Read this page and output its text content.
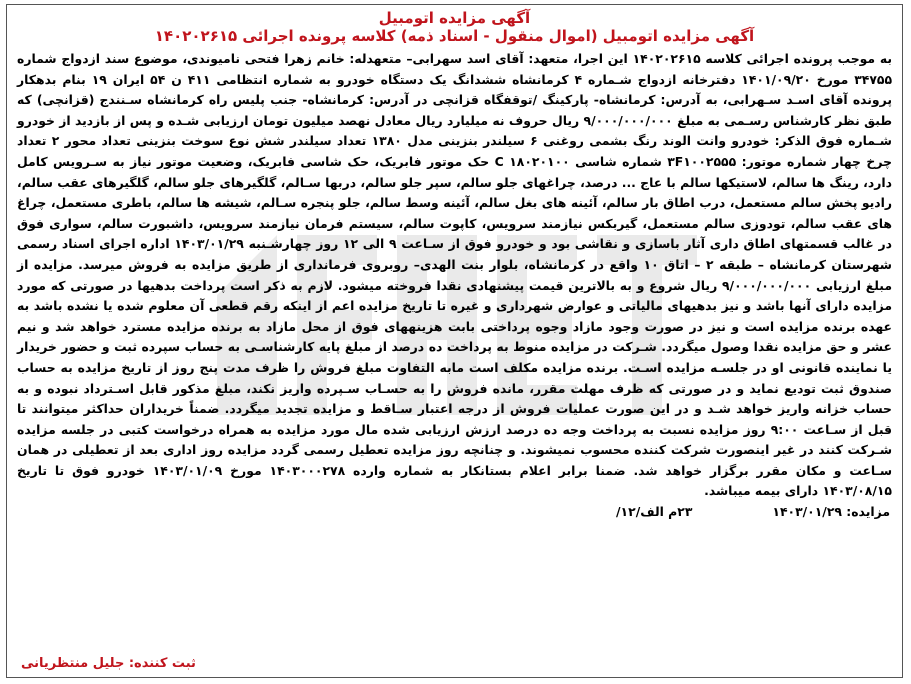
آگهی مزایده اتومبیل

آگهی مزایده اتومبیل (اموال منقول - اسناد ذمه) کلاسه پرونده اجرائی ۱۴۰۲۰۲۶۱۵

به موجب پرونده اجرائی کلاسه ۱۴۰۲۰۲۶۱۵ این اجرا، متعهد: آقای اسد سهرابی– متعهدله: خانم زهرا فتحی نامیوندی، موضوع سند ازدواج شماره ۳۴۷۵۵ مورخ ۱۴۰۱/۰۹/۲۰ دفترخانه ازدواج شـماره ۴ کرمانشاه ششدانگ یک دستگاه خودرو به شماره انتظامی ۴۱۱ ن ۵۴ ایران ۱۹ بنام بدهکار پرونده آقای اسـد سـهرابی، به آدرس: کرمانشاه- پارکینگ /توقفگاه قزانچی در آدرس: کرمانشاه- جنب پلیس راه کرمانشاه سـنندج (قزانچی) که طبق نظر کارشناس رسـمی به مبلغ ۹/۰۰۰/۰۰۰/۰۰۰ ریال حروف نه میلیارد ریال معادل نهصد میلیون تومان ارزیابی شـده و پس از بازدید از خودرو شـماره فوق الذکر: خودرو وانت الوند رنگ بشمی روغنی ۶ سیلندر بنزینی مدل ۱۳۸۰ تعداد سیلندر شش نوع سوخت بنزینی تعداد محور ۲ تعداد چرخ چهار شماره موتور: ۳F۱۰۰۲۵۵۵ شماره شاسی C ۱۸۰۲۰۱۰۰ حک موتور فابریک، حک شاسی فابریک، وضعیت موتور نیاز به سـرویس کامل دارد، رینگ ها سالم، لاستیکها سالم با عاج ... درصد، چراغهای جلو سالم، سپر جلو سالم، دربها سـالم، گلگیرهای جلو سالم، گلگیرهای عقب سالم، رادیو پخش سالم مستعمل، درب اطاق بار سالم، آئینه های بغل سالم، آئینه وسط سالم، جلو پنجره سـالم، شیشه ها سالم، باطری مستعمل، چراغ های عقب سالم، تودوزی سالم مستعمل، گیربکس نیازمند سرویس، کاپوت سالم، سیستم فرمان نیازمند سرویس، داشبورت سالم، سواری فوق در غالب قسمتهای اطاق داری آثار باسازی و نقاشی بود و خودرو فوق از سـاعت ۹ الی ۱۲ روز چهارشـنبه ۱۴۰۳/۰۱/۲۹ اداره اجرای اسناد رسمی شهرستان کرمانشاه – طبقه ۲ – اتاق ۱۰ واقع در کرمانشاه، بلوار بنت الهدی– روبروی فرمانداری از طریق مزایده به فروش میرسد. مزایده از مبلغ ارزیابی ۹/۰۰۰/۰۰۰/۰۰۰ ریال شروع و به بالاترین قیمت پیشنهادی نقدا فروخته میشود. لازم به ذکر است پرداخت بدهیها در صورتی که مورد مزایده دارای آنها باشد و نیز بدهیهای مالیاتی و عوارض شهرداری و غیره تا تاریخ مزایده اعم از اینکه رقم قطعی آن معلوم شده یا نشده باشد به عهده برنده مزایده است و نیز در صورت وجود مازاد وجوه پرداختی بابت هزینههای فوق از محل مازاد به برنده مزایده مسترد خواهد شد و نیم عشر و حق مزایده نقدا وصول میگردد. شـرکت در مزایده منوط به پرداخت ده درصد از مبلغ پایه کارشناسـی به حساب سپرده ثبت و حضور خریدار یا نماینده قانونی او در جلسـه مزایده اسـت. برنده مزایده مکلف است مابه التفاوت مبلغ فروش را ظرف مدت پنج روز از تاریخ مزایده به حساب صندوق ثبت تودیع نماید و در صورتی که ظرف مهلت مقرر، مانده فروش را به حسـاب سـپرده واریز نکند، مبلغ مذکور قابل اسـترداد نبوده و به حساب خزانه واریز خواهد شـد و در این صورت عملیات فروش از درجه اعتبار سـاقط و مزایده تجدید میگردد. ضمناً خریداران حداکثر میتوانند تا قبل از سـاعت ۹:۰۰ روز مزایده نسبت به پرداخت وجه ده درصد ارزش ارزیابی شده مال مورد مزایده به همراه درخواست کتبی در جلسه مزایده شـرکت کنند در غیر اینصورت شرکت کننده محسوب نمیشوند. و چنانچه روز مزایده تعطیل رسمی گردد مزایده روز اداری بعد از تعطیلی در همان سـاعت و مکان مقرر برگزار خواهد شد. ضمنا برابر اعلام بستانکار به شماره وارده ۱۴۰۳۰۰۰۲۷۸ مورخ ۱۴۰۳/۰۱/۰۹ خودرو فوق تا تاریخ ۱۴۰۳/۰۸/۱۵ دارای بیمه میباشد.

مزایده: ۱۴۰۳/۰۱/۲۹
۲۳م الف/۱۲/
ثبت کننده: جلیل منتظریانی
